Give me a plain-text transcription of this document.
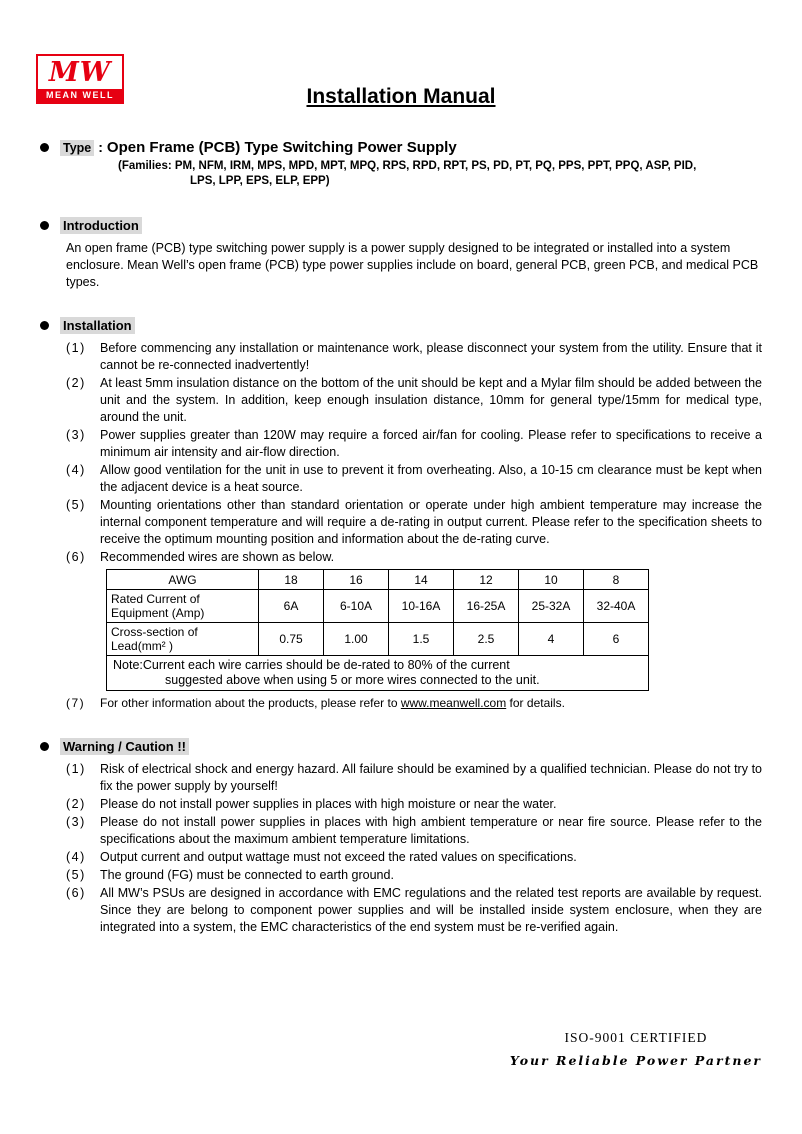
MW
MEAN WELL	Installation Manual
Type : Open Frame (PCB) Type Switching Power Supply
(Families: PM, NFM, IRM, MPS, MPD, MPT, MPQ, RPS, RPD, RPT, PS, PD, PT, PQ, PPS, PPT, PPQ, ASP, PID,
LPS, LPP, EPS, ELP, EPP)
Introduction

An open frame (PCB) type switching power supply is a power supply designed to be integrated or installed into a system enclosure. Mean Well’s open frame (PCB) type power supplies include on board, general PCB, green PCB, and medical PCB types.

Installation
(1) Before commencing any installation or maintenance work, please disconnect your system from the utility. Ensure that it cannot be re-connected inadvertently!
(2) At least 5mm insulation distance on the bottom of the unit should be kept and a Mylar film should be added between the unit and the system. In addition, keep enough insulation distance, 10mm for general type/15mm for medical type, around the unit.
(3) Power supplies greater than 120W may require a forced air/fan for cooling. Please refer to specifications to receive a minimum air intensity and air-flow direction.
(4) Allow good ventilation for the unit in use to prevent it from overheating. Also, a 10-15 cm clearance must be kept when the adjacent device is a heat source.
(5) Mounting orientations other than standard orientation or operate under high ambient temperature may increase the internal component temperature and will require a de-rating in output current. Please refer to the specification sheets to receive the optimum mounting position and information about the de-rating curve.
(6) Recommended wires are shown as below.
AWG	18	16	14	12	10	8
Rated Current of Equipment (Amp)	6A	6-10A	10-16A	16-25A	25-32A	32-40A
Cross-section of Lead(mm² )	0.75	1.00	1.5	2.5	4	6

Note:Current each wire carries should be de-rated to 80% of the current
suggested above when using 5 or more wires connected to the unit.						
(7) For other information about the products, please refer to www.meanwell.com for details.
Warning / Caution !!
(1) Risk of electrical shock and energy hazard. All failure should be examined by a qualified technician. Please do not try to fix the power supply by yourself!
(2) Please do not install power supplies in places with high moisture or near the water.
(3) Please do not install power supplies in places with high ambient temperature or near fire source. Please refer to the specifications about the maximum ambient temperature limitations.
(4) Output current and output wattage must not exceed the rated values on specifications.
(5) The ground (FG) must be connected to earth ground.
(6) All MW’s PSUs are designed in accordance with EMC regulations and the related test reports are available by request. Since they are belong to component power supplies and will be installed inside system enclosure, when they are integrated into a system, the EMC characteristics of the end system must be re-verified again.
ISO-9001 CERTIFIED
Your Reliable Power Partner
